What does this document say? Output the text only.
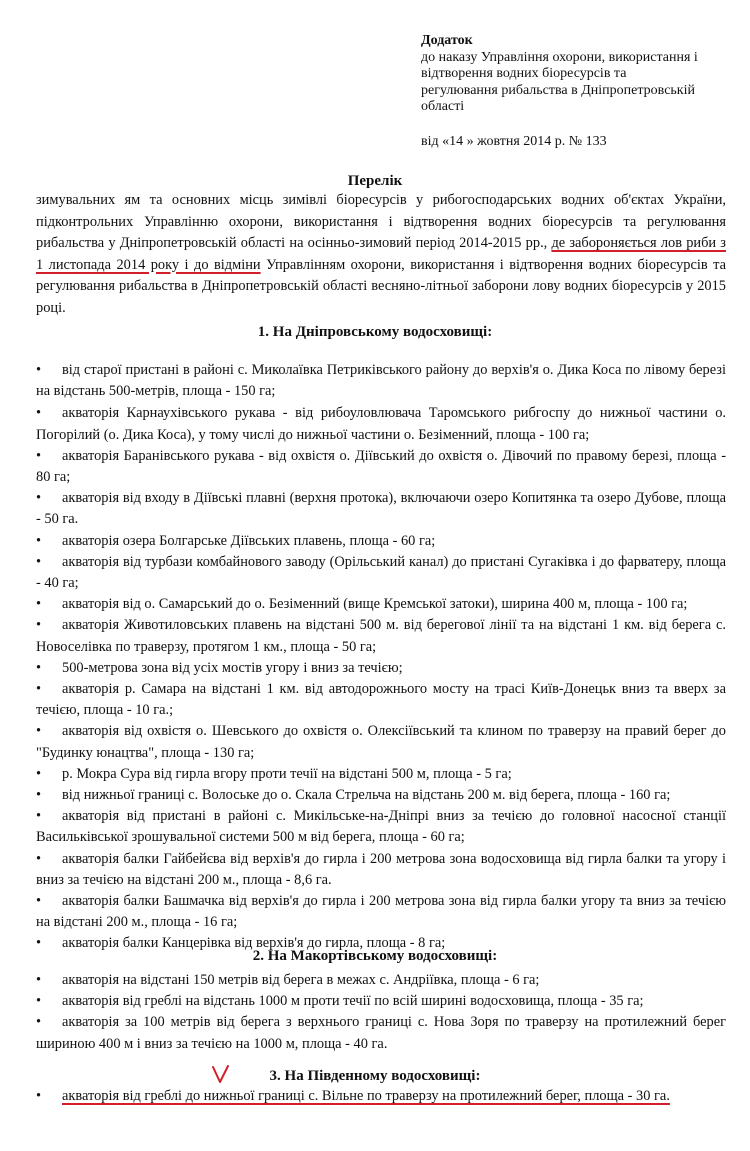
Додаток
до наказу Управління охорони, використання і
відтворення водних біоресурсів та
регулювання рибальства в Дніпропетровській
області
від «14 » жовтня 2014 р. № 133
Перелік
зимувальних ям та основних місць зимівлі біоресурсів у рибогосподарських водних об'єктах України, підконтрольних Управлінню охорони, використання і відтворення водних біоресурсів та регулювання рибальства у Дніпропетровській області на осінньо-зимовий період 2014-2015 рр., де забороняється лов риби з 1 листопада 2014 року і до відміни Управлінням охорони, використання і відтворення водних біоресурсів та регулювання рибальства в Дніпропетровській області весняно-літньої заборони лову водних біоресурсів у 2015 році.
1. На Дніпровському водосховищі:
• від старої пристані в районі с. Миколаївка Петриківського району до верхів'я о. Дика Коса по лівому березі на відстань 500-метрів, площа - 150 га;
• акваторія Карнаухівського рукава - від рибоуловлювача Таромського рибгоспу до нижньої частини о. Погорілий (о. Дика Коса), у тому числі до нижньої частини о. Безіменний, площа - 100 га;
• акваторія Баранівського рукава - від охвістя о. Діївський до охвістя о. Дівочий по правому березі, площа - 80 га;
• акваторія від входу в Діївські плавні (верхня протока), включаючи озеро Копитянка та озеро Дубове, площа - 50 га.
• акваторія озера Болгарське Діївських плавень, площа - 60 га;
• акваторія від турбази комбайнового заводу (Орільський канал) до пристані Сугаківка і до фарватеру, площа - 40 га;
• акваторія від о. Самарський до о. Безіменний (вище Кремської затоки), ширина 400 м, площа - 100 га;
• акваторія Животиловських плавень на відстані 500 м. від берегової лінії та на відстані 1 км. від берега с. Новоселівка по траверзу, протягом 1 км., площа - 50 га;
• 500-метрова зона від усіх мостів угору і вниз за течією;
• акваторія р. Самара на відстані 1 км. від автодорожнього мосту на трасі Київ-Донецьк вниз та вверх за течією, площа - 10 га.;
• акваторія від охвістя о. Шевського до охвістя о. Олексіївський та клином по траверзу на правий берег до "Будинку юнацтва", площа - 130 га;
• р. Мокра Сура від гирла вгору проти течії на відстані 500 м, площа - 5 га;
• від нижньої границі с. Волоське до о. Скала Стрельча на відстань 200 м. від берега, площа - 160 га;
• акваторія від пристані в районі с. Микільське-на-Дніпрі вниз за течією до головної насосної станції Васильківської зрошувальної системи 500 м від берега, площа - 60 га;
• акваторія балки Гайбейєва від верхів'я до гирла і 200 метрова зона водосховища від гирла балки та угору і вниз за течією на відстані 200 м., площа - 8,6 га.
• акваторія балки Башмачка від верхів'я до гирла і 200 метрова зона від гирла балки угору та вниз за течією на відстані 200 м., площа - 16 га;
• акваторія балки Канцерівка від верхів'я до гирла, площа - 8 га;
2. На Макортівському водосховищі:
• акваторія на відстані 150 метрів від берега в межах с. Андріївка, площа - 6 га;
• акваторія від греблі на відстань 1000 м проти течії по всій ширині водосховища, площа - 35 га;
• акваторія за 100 метрів від берега з верхнього границі с. Нова Зоря по траверзу на протилежний берег шириною 400 м і вниз за течією на 1000 м, площа - 40 га.
3. На Південному водосховищі:
• акваторія від греблі до нижньої границі с. Вільне по траверзу на протилежний берег, площа - 30 га.
